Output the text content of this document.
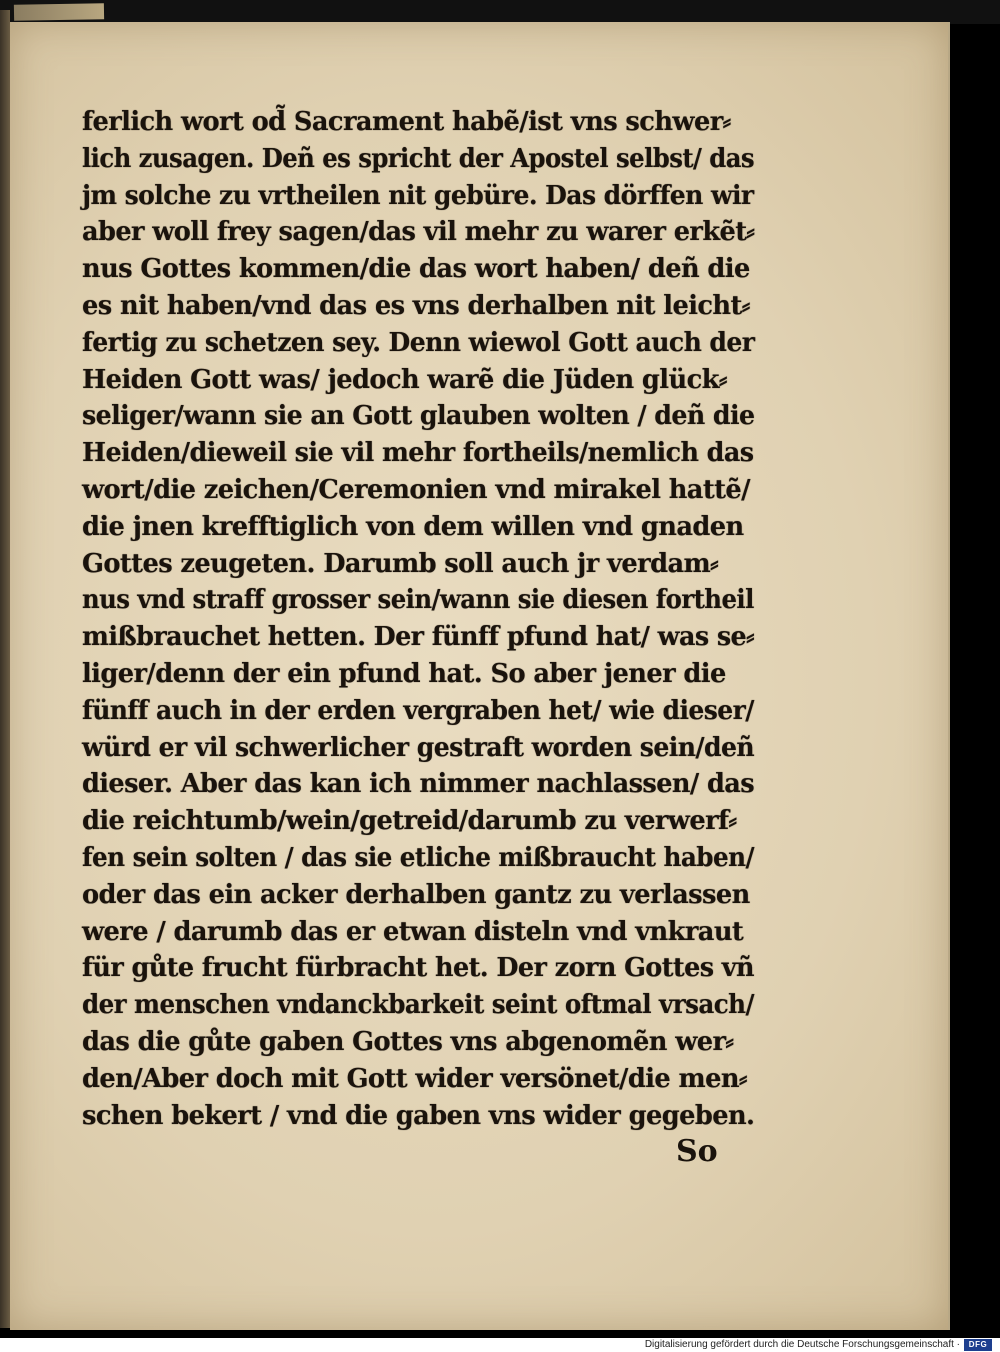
ferlich wort od̃ Sacrament habẽ/ist vns schwer⸗
lich zusagen. Deñ es spricht der Apostel selbst/ das
jm solche zu vrtheilen nit gebüre. Das dörffen wir
aber woll frey sagen/das vil mehr zu warer erkẽt⸗
nus Gottes kommen/die das wort haben/ deñ die
es nit haben/vnd das es vns derhalben nit leicht⸗
fertig zu schetzen sey. Denn wiewol Gott auch der
Heiden Gott was/ jedoch warẽ die Jüden glück⸗
seliger/wann sie an Gott glauben wolten / deñ die
Heiden/dieweil sie vil mehr fortheils/nemlich das
wort/die zeichen/Ceremonien vnd mirakel hattẽ/
die jnen krefftiglich von dem willen vnd gnaden
Gottes zeugeten. Darumb soll auch jr verdam⸗
nus vnd straff grosser sein/wann sie diesen fortheil
mißbrauchet hetten. Der fünff pfund hat/ was se⸗
liger/denn der ein pfund hat. So aber jener die
fünff auch in der erden vergraben het/ wie dieser/
würd er vil schwerlicher gestraft worden sein/deñ
dieser. Aber das kan ich nimmer nachlassen/ das
die reichtumb/wein/getreid/darumb zu verwerf⸗
fen sein solten / das sie etliche mißbraucht haben/
oder das ein acker derhalben gantz zu verlassen
were / darumb das er etwan disteln vnd vnkraut
für gůte frucht fürbracht het. Der zorn Gottes vñ
der menschen vndanckbarkeit seint oftmal vrsach/
das die gůte gaben Gottes vns abgenomẽn wer⸗
den/Aber doch mit Gott wider versönet/die men⸗
schen bekert / vnd die gaben vns wider gegeben.
So
Digitalisierung gefördert durch die Deutsche Forschungsgemeinschaft ·	DFG
